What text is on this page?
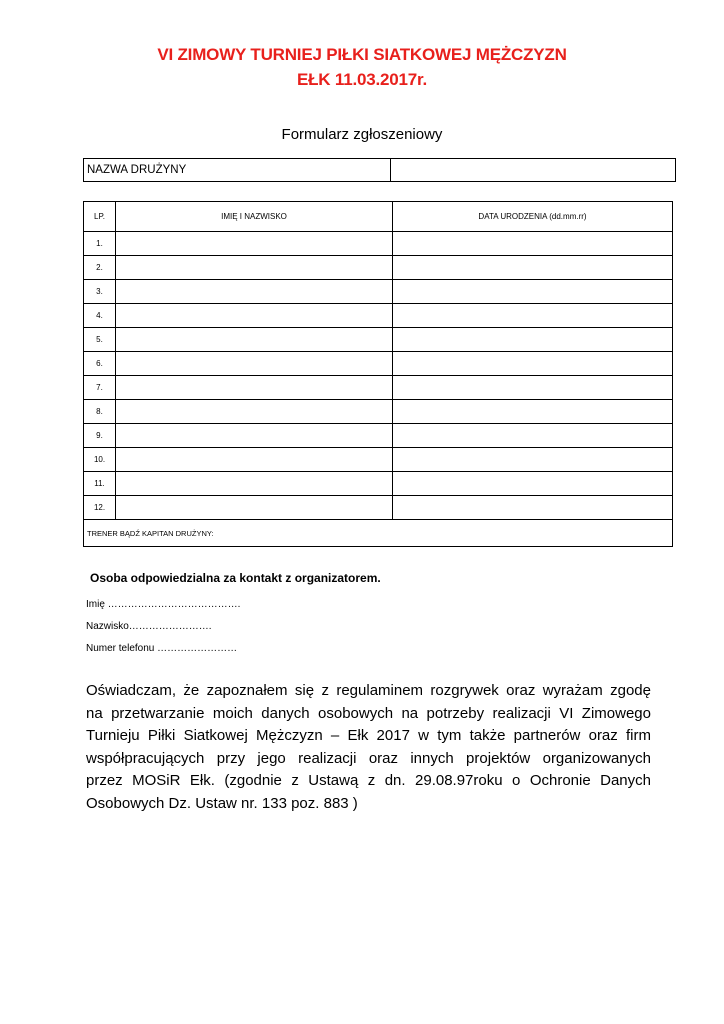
VI ZIMOWY TURNIEJ PIŁKI SIATKOWEJ MĘŻCZYZN
EŁK 11.03.2017r.
Formularz zgłoszeniowy
NAZWA DRUŻYNY
LP.	IMIĘ I NAZWISKO	DATA URODZENIA (dd.mm.rr)
1.		
2.		
3.		
4.		
5.		
6.		
7.		
8.		
9.		
10.		
11.		
12.		
TRENER BĄDŹ KAPITAN DRUŻYNY:		
Osoba odpowiedzialna za kontakt z organizatorem.
Imię ………………………………….
Nazwisko…………………….
Numer telefonu ……………………
Oświadczam, że zapoznałem się z regulaminem rozgrywek oraz wyrażam zgodę
na przetwarzanie moich danych osobowych na potrzeby realizacji VI Zimowego
Turnieju Piłki Siatkowej Mężczyzn – Ełk 2017 w tym także partnerów oraz firm
współpracujących przy jego realizacji oraz innych projektów organizowanych
przez MOSiR Ełk. (zgodnie z Ustawą z dn. 29.08.97roku o Ochronie Danych
Osobowych Dz. Ustaw nr. 133 poz. 883 )
